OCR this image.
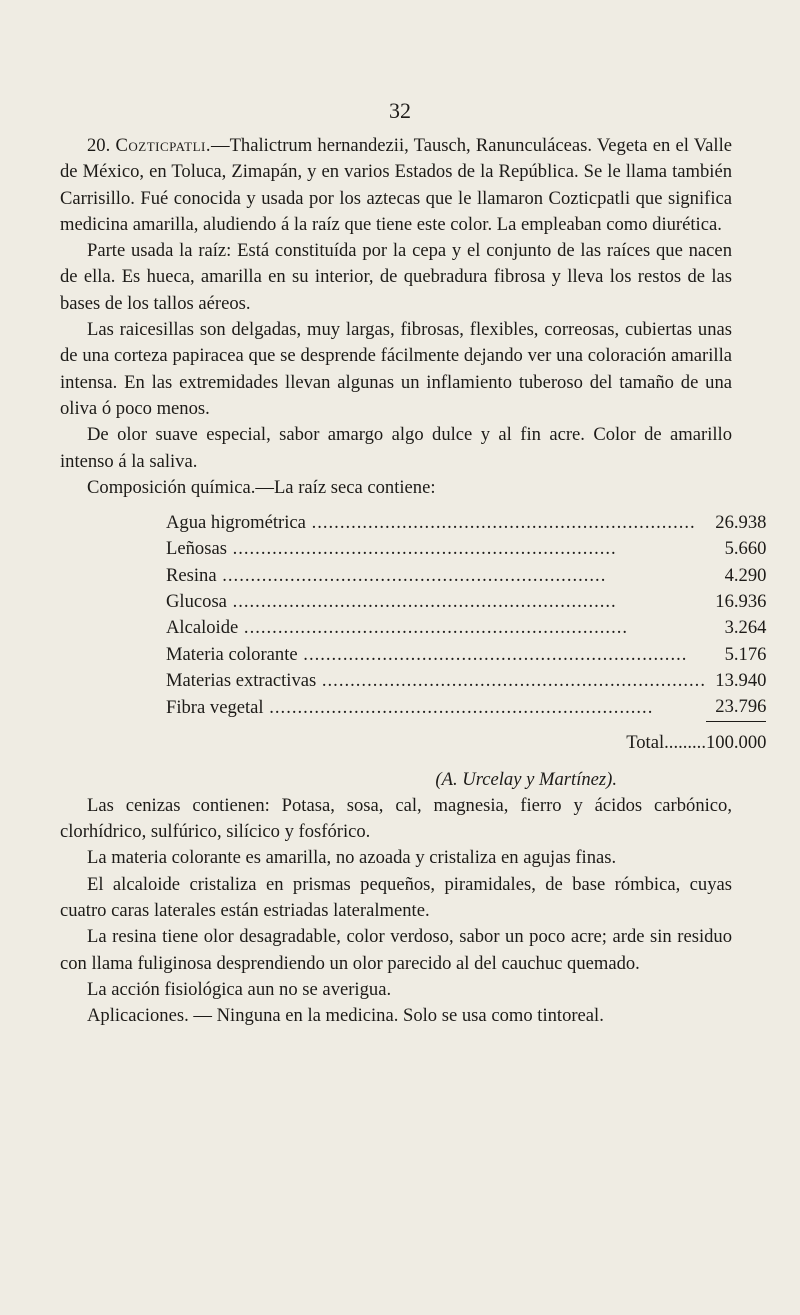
32

20. Cozticpatli.—Thalictrum hernandezii, Tausch, Ranunculáceas. Vegeta en el Valle de México, en Toluca, Zimapán, y en varios Estados de la República. Se le llama también Carrisillo. Fué conocida y usada por los aztecas que le llamaron Cozticpatli que significa medicina amarilla, aludiendo á la raíz que tiene este color. La empleaban como diurética.

Parte usada la raíz: Está constituída por la cepa y el conjunto de las raíces que nacen de ella. Es hueca, amarilla en su interior, de quebradura fibrosa y lleva los restos de las bases de los tallos aéreos.

Las raicesillas son delgadas, muy largas, fibrosas, flexibles, correosas, cubiertas unas de una corteza papiracea que se desprende fácilmente dejando ver una coloración amarilla intensa. En las extremidades llevan algunas un inflamiento tuberoso del tamaño de una oliva ó poco menos.

De olor suave especial, sabor amargo algo dulce y al fin acre. Color de amarillo intenso á la saliva.

Composición química.—La raíz seca contiene:

Agua higrométrica .....	26.938
Leñosas .....	5.660
Resina .....	4.290
Glucosa .....	16.936
Alcaloide .....	3.264
Materia colorante .....	5.176
Materias extractivas .....	13.940
Fibra vegetal .....	23.796
Total.........	100.000
(A. Urcelay y Martínez).

Las cenizas contienen: Potasa, sosa, cal, magnesia, fierro y ácidos carbónico, clorhídrico, sulfúrico, silícico y fosfórico.

La materia colorante es amarilla, no azoada y cristaliza en agujas finas.

El alcaloide cristaliza en prismas pequeños, piramidales, de base rómbica, cuyas cuatro caras laterales están estriadas lateralmente.

La resina tiene olor desagradable, color verdoso, sabor un poco acre; arde sin residuo con llama fuliginosa desprendiendo un olor parecido al del cauchuc quemado.

La acción fisiológica aun no se averigua.

Aplicaciones. — Ninguna en la medicina. Solo se usa como tintoreal.
